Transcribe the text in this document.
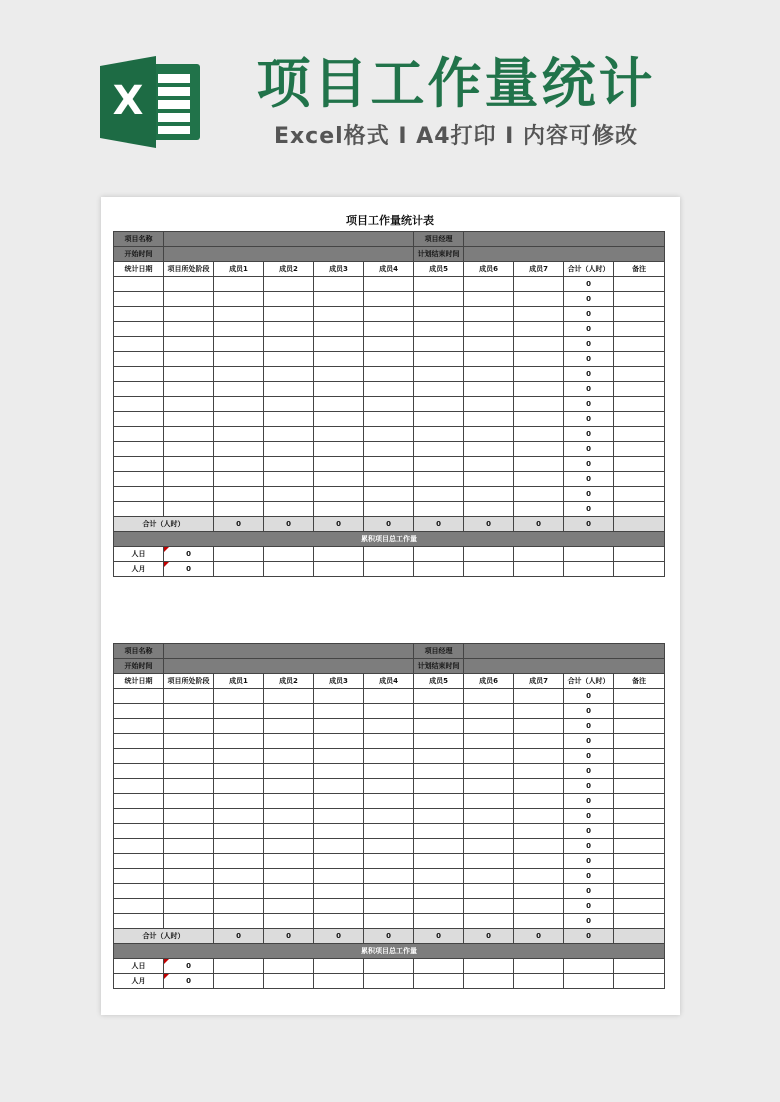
X	项目工作量统计
Excel格式 I A4打印 I 内容可修改
项目工作量统计表
项目名称						项目经理				
开始时间						计划结束时间				
统计日期	项目所处阶段	成员1	成员2	成员3	成员4	成员5	成员6	成员7	合计（人时）	备注
									0	
									0	
									0	
									0	
									0	
									0	
									0	
									0	
									0	
									0	
									0	
									0	
									0	
									0	
									0	
									0	
合计（人时）		0	0	0	0	0	0	0	0	
累积项目总工作量										
人日	0									
人月	0									
项目名称						项目经理				
开始时间						计划结束时间				
统计日期	项目所处阶段	成员1	成员2	成员3	成员4	成员5	成员6	成员7	合计（人时）	备注
									0	
									0	
									0	
									0	
									0	
									0	
									0	
									0	
									0	
									0	
									0	
									0	
									0	
									0	
									0	
									0	
合计（人时）		0	0	0	0	0	0	0	0	
累积项目总工作量										
人日	0									
人月	0									
